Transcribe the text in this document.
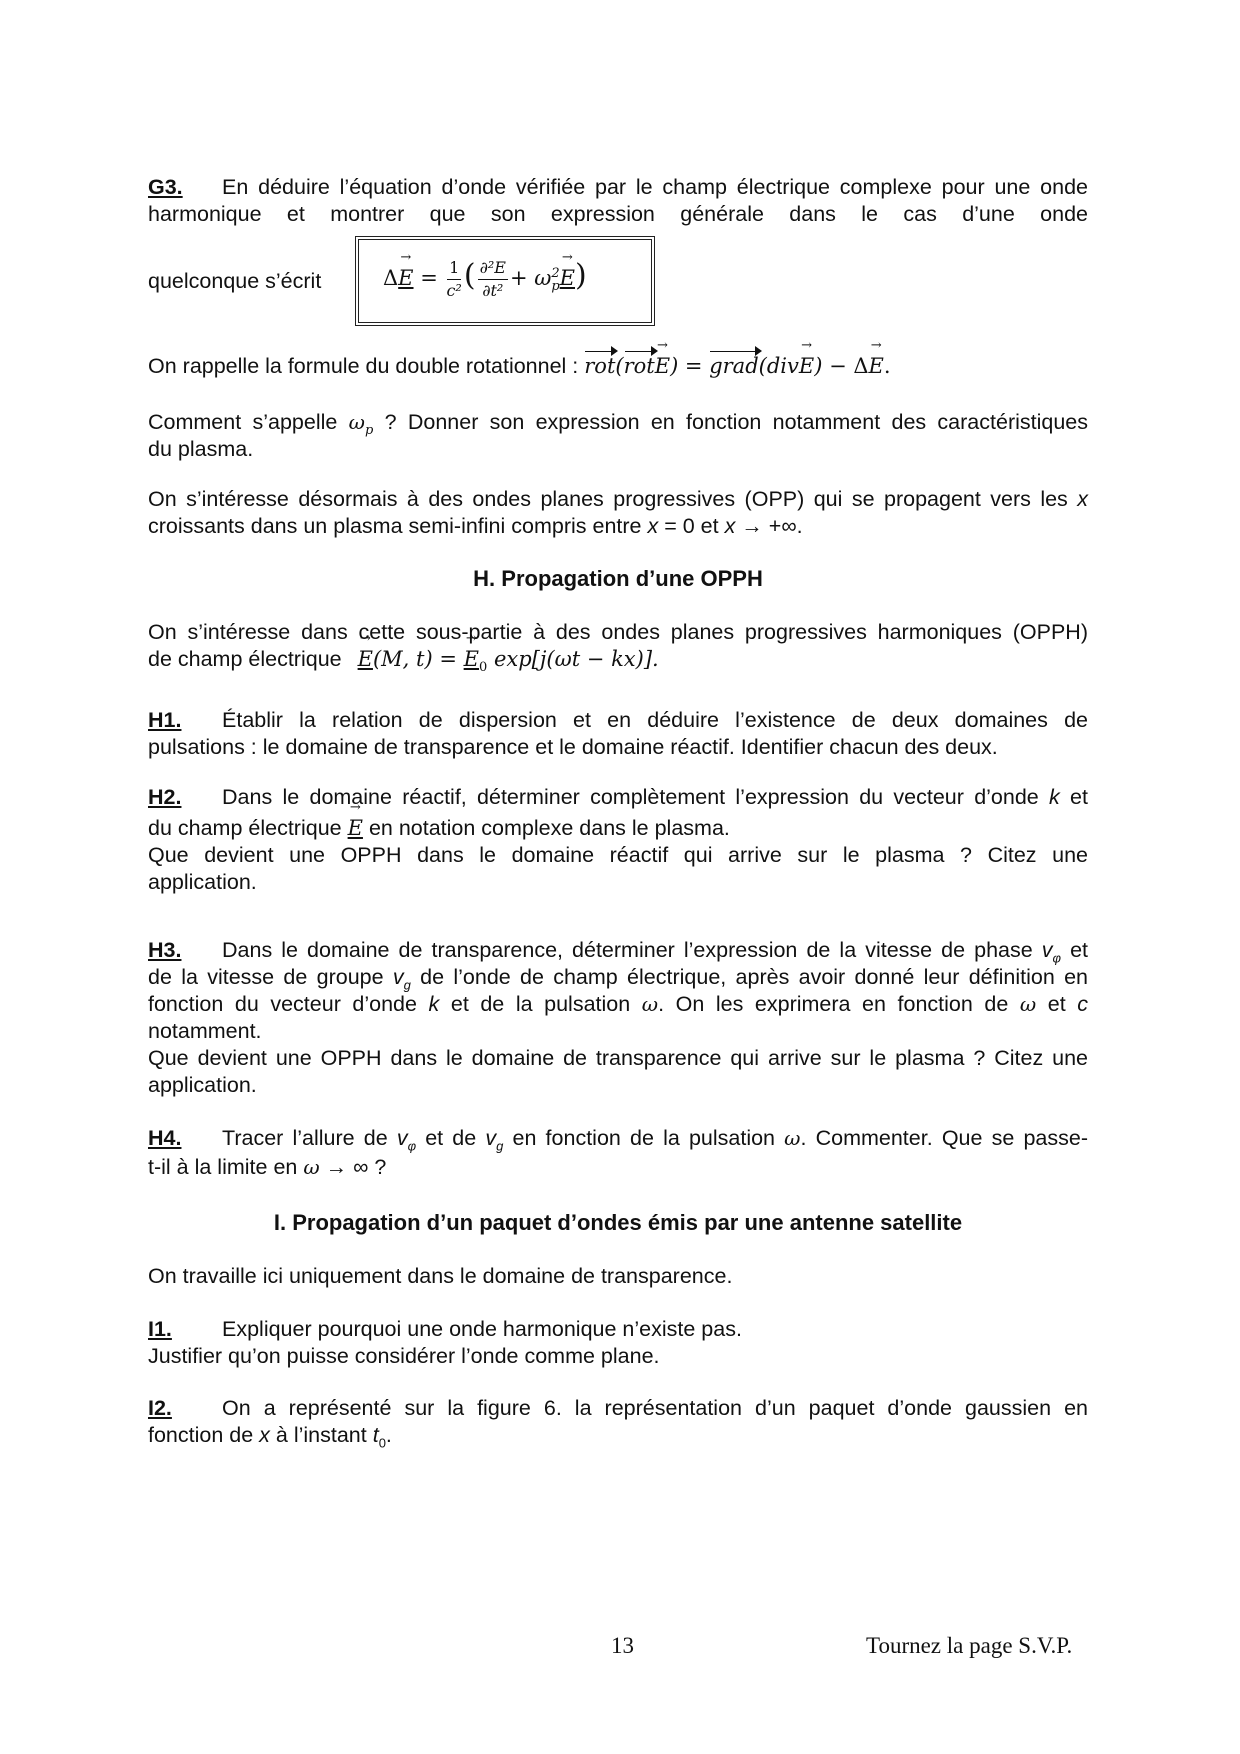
G3. En déduire l’équation d’onde vérifiée par le champ électrique complexe pour une onde
harmonique et montrer que son expression générale dans le cas d’une onde
quelconque s’écrit	$\Delta\to E = \frac{1}{\text{c²}}$ ( $\frac{\text{∂²E}}{\text{∂t²}} + \omega$ 2
p → E)
On rappelle la formule du double rotationnel : rot(rot→ E) = grad(div→ E) − Δ→ E.
Comment s’appelle $\omega_p$ ? Donner son expression en fonction notamment des caractéristiques
du plasma.
On s’intéresse désormais à des ondes planes progressives (OPP) qui se propagent vers les x
croissants dans un plasma semi-infini compris entre x = 0 et x → +∞.
H. Propagation d’une OPPH
On s’intéresse dans cette sous-partie à des ondes planes progressives harmoniques (OPPH)
de champ électrique → E(M, t) = → $E_0$ exp[j(ωt − kx)].
H1. Établir la relation de dispersion et en déduire l’existence de deux domaines de
pulsations : le domaine de transparence et le domaine réactif. Identifier chacun des deux.
H2. Dans le domaine réactif, déterminer complètement l’expression du vecteur d’onde k et
du champ électrique → E en notation complexe dans le plasma.
Que devient une OPPH dans le domaine réactif qui arrive sur le plasma ? Citez une
application.
H3. Dans le domaine de transparence, déterminer l’expression de la vitesse de phase $v_\varphi$ et
de la vitesse de groupe $v_g$ de l’onde de champ électrique, après avoir donné leur définition en
fonction du vecteur d’onde k et de la pulsation ω. On les exprimera en fonction de ω et c
notamment.
Que devient une OPPH dans le domaine de transparence qui arrive sur le plasma ? Citez une
application.
H4. Tracer l’allure de $v_\varphi$ et de $v_g$ en fonction de la pulsation ω. Commenter. Que se passe-
t-il à la limite en ω → ∞ ?
I. Propagation d’un paquet d’ondes émis par une antenne satellite
On travaille ici uniquement dans le domaine de transparence.
I1. Expliquer pourquoi une onde harmonique n’existe pas.
Justifier qu’on puisse considérer l’onde comme plane.
I2. On a représenté sur la figure 6. la représentation d’un paquet d’onde gaussien en
fonction de x à l’instant $t_0$.
13	Tournez la page S.V.P.
